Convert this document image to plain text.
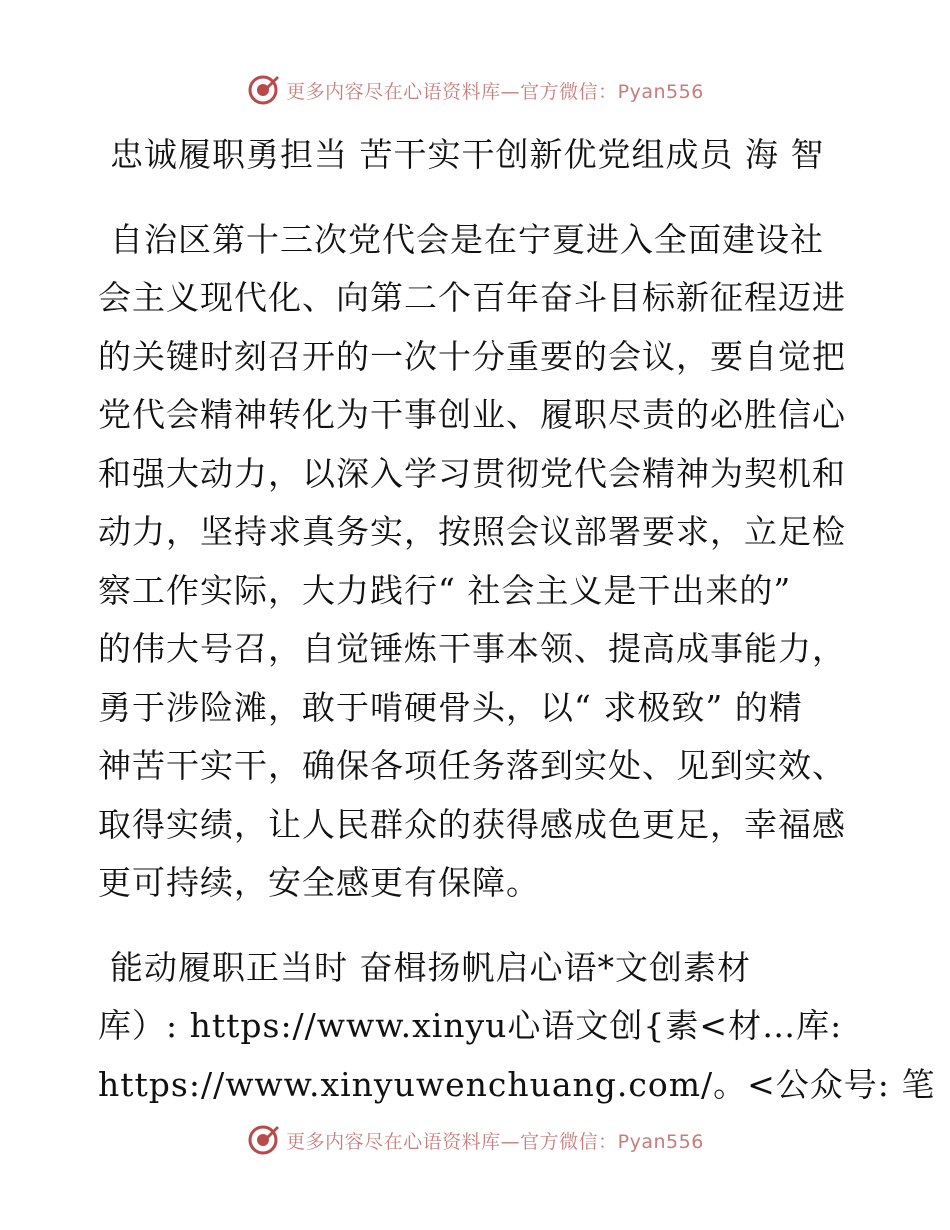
更多内容尽在心语资料库—官方微信：Pyan556
忠诚履职勇担当 苦干实干创新优党组成员 海 智
自治区第十三次党代会是在宁夏进入全面建设社
会主义现代化、向第二个百年奋斗目标新征程迈进
的关键时刻召开的一次十分重要的会议，要自觉把
党代会精神转化为干事创业、履职尽责的必胜信心
和强大动力，以深入学习贯彻党代会精神为契机和
动力，坚持求真务实，按照会议部署要求，立足检
察工作实际，大力践行“ 社会主义是干出来的”
的伟大号召，自觉锤炼干事本领、提高成事能力，
勇于涉险滩，敢于啃硬骨头，以“ 求极致” 的精
神苦干实干，确保各项任务落到实处、见到实效、
取得实绩，让人民群众的获得感成色更足，幸福感
更可持续，安全感更有保障。
能动履职正当时 奋楫扬帆启心语*文创素材
库）: https://www.xinyu心语文创{素<材…库:
https://www.xinyuwenchuang.com/。<公众号: 笔
更多内容尽在心语资料库—官方微信：Pyan556
